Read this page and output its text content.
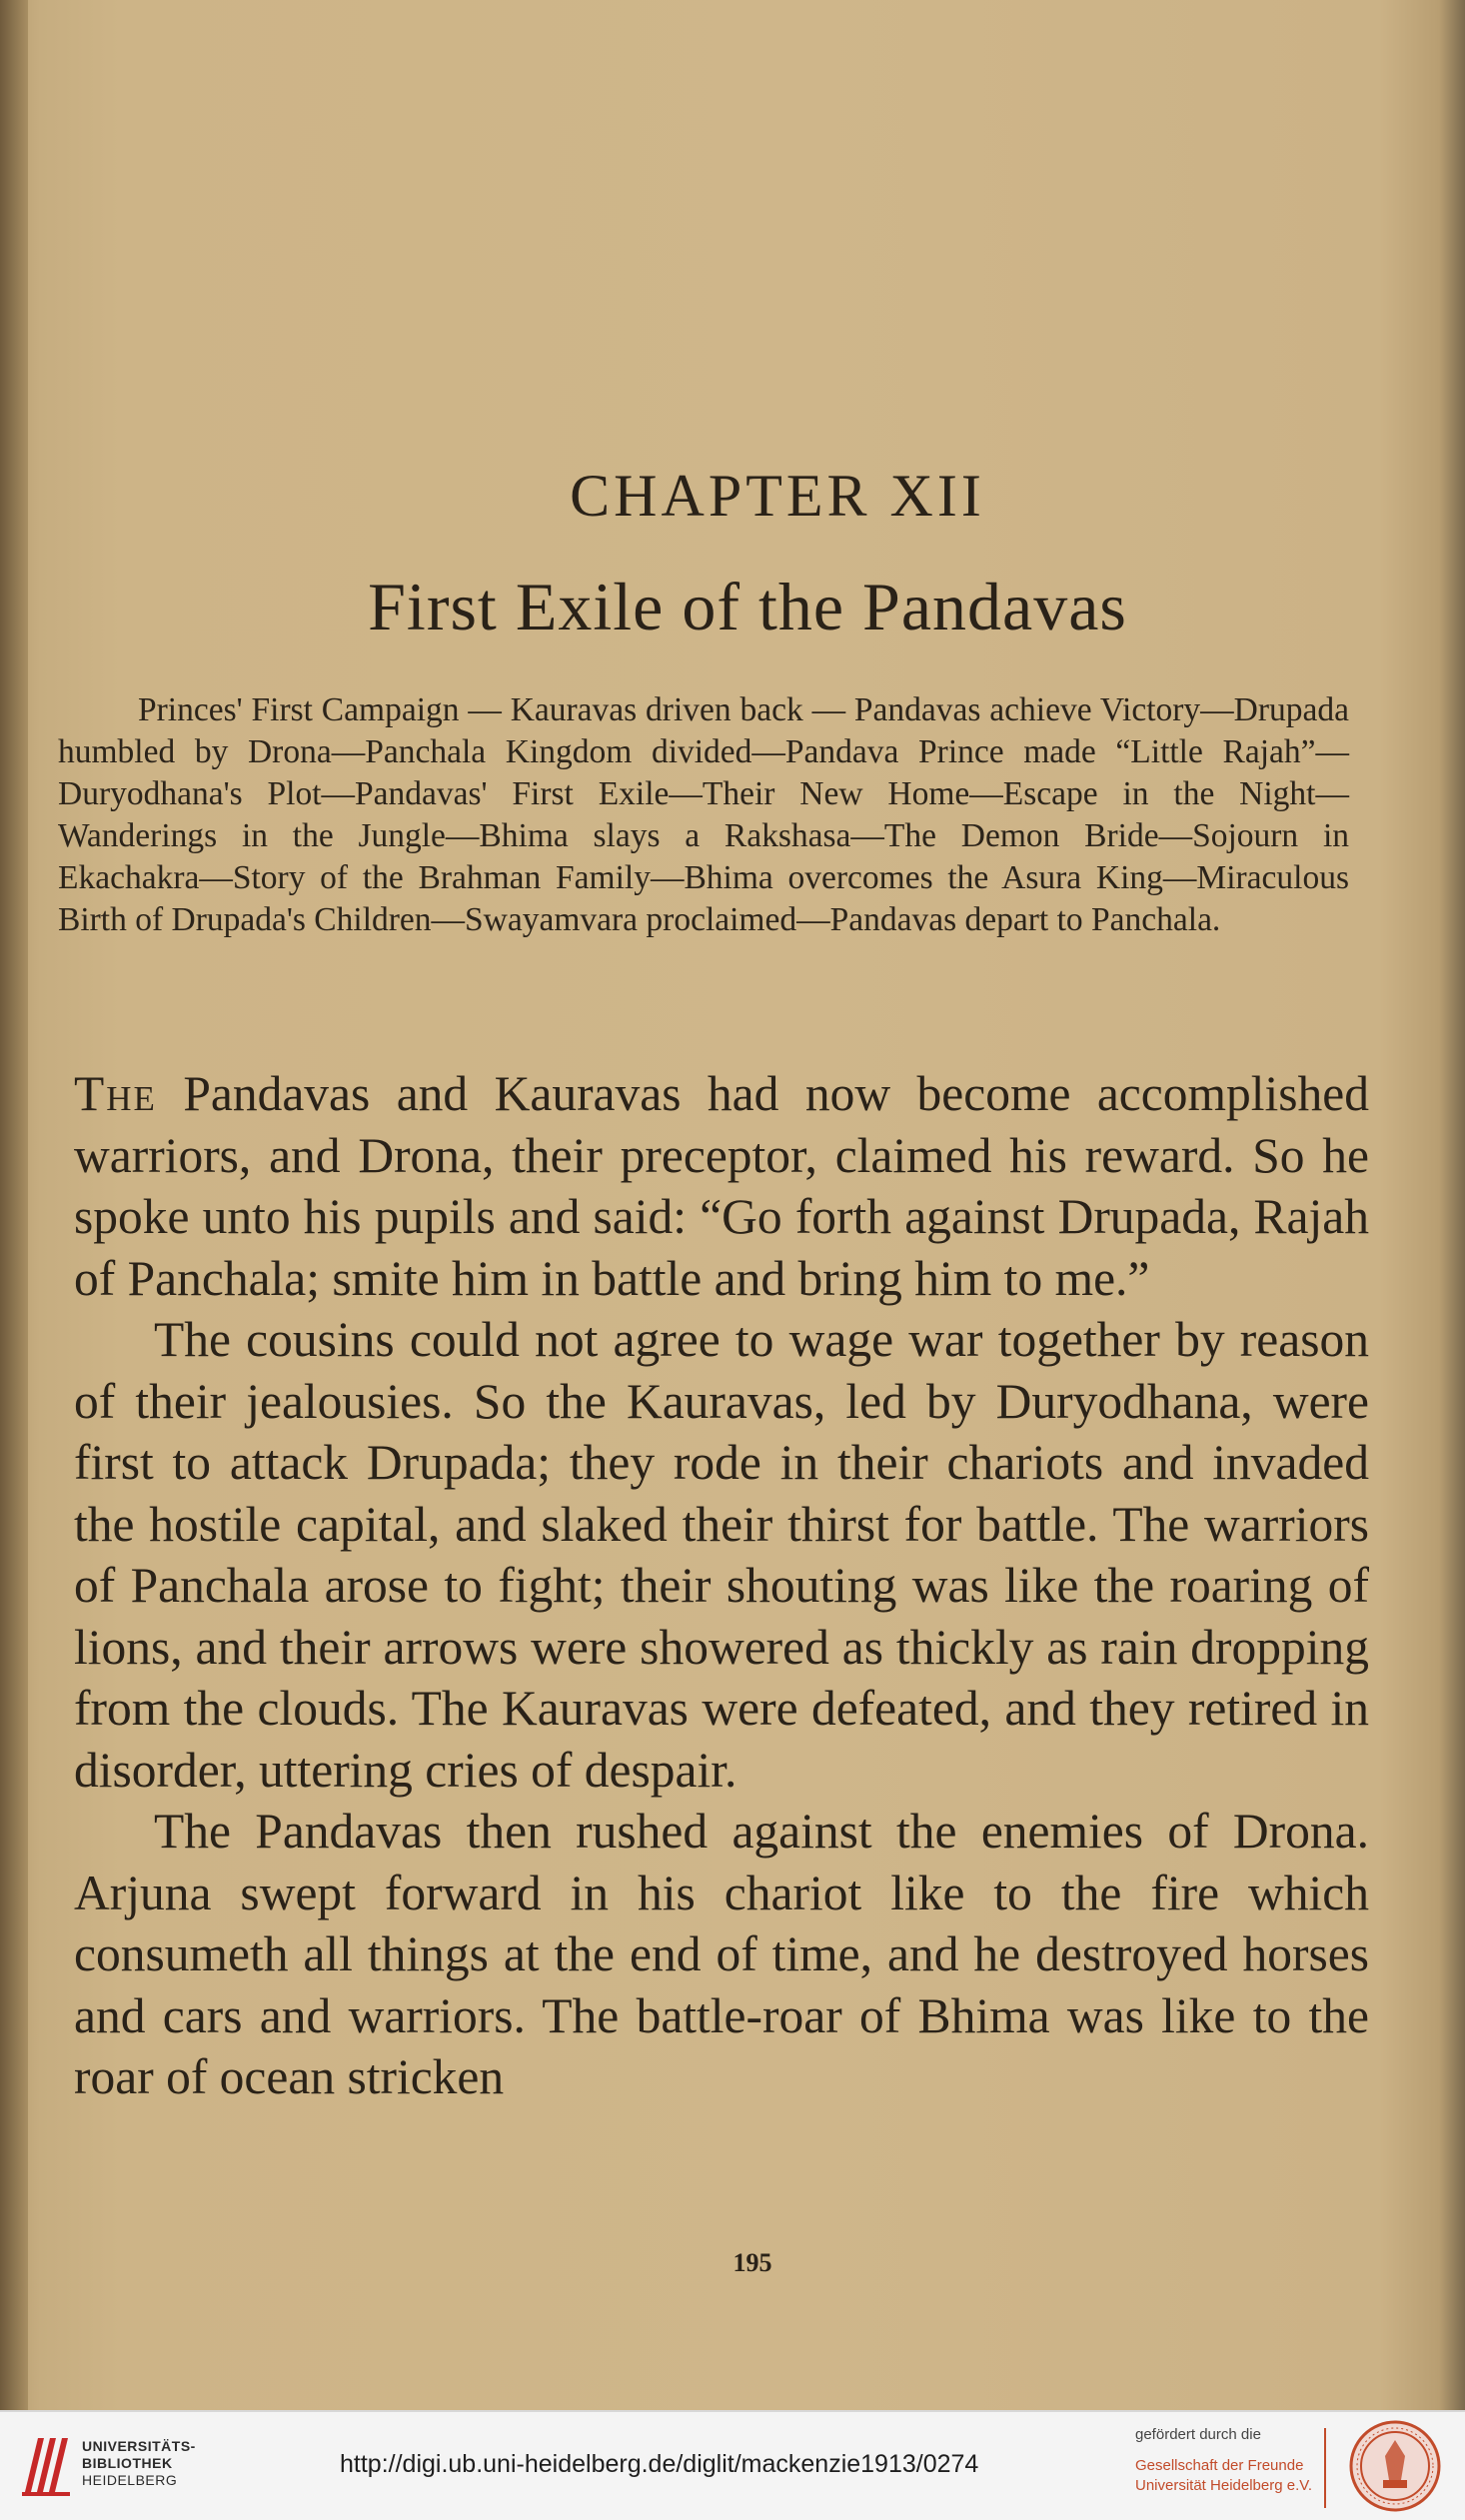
CHAPTER XII
First Exile of the Pandavas
Princes' First Campaign — Kauravas driven back — Pandavas achieve Victory—Drupada humbled by Drona—Panchala Kingdom divided—Pandava Prince made “Little Rajah”—Duryodhana's Plot—Pandavas' First Exile—Their New Home—Escape in the Night—Wanderings in the Jungle—Bhima slays a Rakshasa—The Demon Bride—Sojourn in Ekachakra—Story of the Brahman Family—Bhima overcomes the Asura King—Miraculous Birth of Drupada's Children—Swayamvara proclaimed—Pandavas depart to Panchala.

The Pandavas and Kauravas had now become accomplished warriors, and Drona, their preceptor, claimed his reward. So he spoke unto his pupils and said: “Go forth against Drupada, Rajah of Panchala; smite him in battle and bring him to me.”

The cousins could not agree to wage war together by reason of their jealousies. So the Kauravas, led by Duryodhana, were first to attack Drupada; they rode in their chariots and invaded the hostile capital, and slaked their thirst for battle. The warriors of Panchala arose to fight; their shouting was like the roaring of lions, and their arrows were showered as thickly as rain dropping from the clouds. The Kauravas were defeated, and they retired in disorder, uttering cries of despair.

The Pandavas then rushed against the enemies of Drona. Arjuna swept forward in his chariot like to the fire which consumeth all things at the end of time, and he destroyed horses and cars and warriors. The battle-roar of Bhima was like to the roar of ocean stricken

195
UNIVERSITÄTS-
BIBLIOTHEK
HEIDELBERG
http://digi.ub.uni-heidelberg.de/diglit/mackenzie1913/0274
gefördert durch die
Gesellschaft der Freunde
Universität Heidelberg e.V.
